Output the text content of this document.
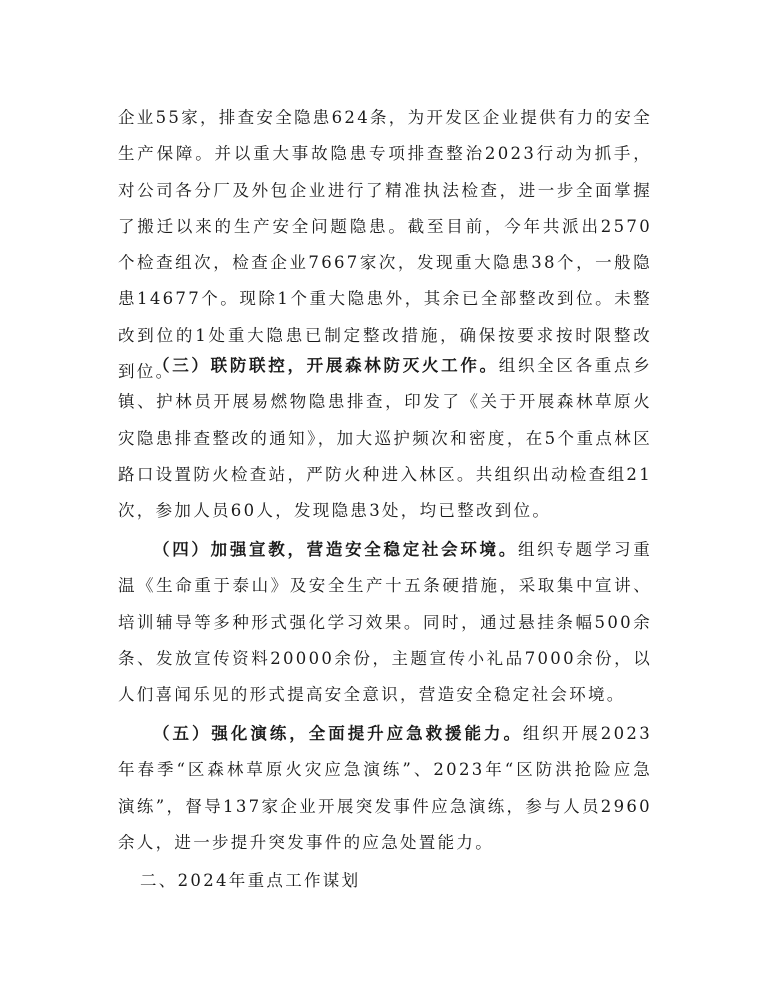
企业55家，排查安全隐患624条，为开发区企业提供有力的安全生产保障。并以重大事故隐患专项排查整治2023行动为抓手，对公司各分厂及外包企业进行了精准执法检查，进一步全面掌握了搬迁以来的生产安全问题隐患。截至目前，今年共派出2570个检查组次，检查企业7667家次，发现重大隐患38个，一般隐患14677个。现除1个重大隐患外，其余已全部整改到位。未整改到位的1处重大隐患已制定整改措施，确保按要求按时限整改到位。

（三）联防联控，开展森林防灭火工作。组织全区各重点乡镇、护林员开展易燃物隐患排查，印发了《关于开展森林草原火灾隐患排查整改的通知》，加大巡护频次和密度，在5个重点林区路口设置防火检查站，严防火种进入林区。共组织出动检查组21次，参加人员60人，发现隐患3处，均已整改到位。

（四）加强宣教，营造安全稳定社会环境。组织专题学习重温《生命重于泰山》及安全生产十五条硬措施，采取集中宣讲、培训辅导等多种形式强化学习效果。同时，通过悬挂条幅500余条、发放宣传资料20000余份，主题宣传小礼品7000余份，以人们喜闻乐见的形式提高安全意识，营造安全稳定社会环境。

（五）强化演练，全面提升应急救援能力。组织开展2023年春季“区森林草原火灾应急演练”、2023年“区防洪抢险应急演练”，督导137家企业开展突发事件应急演练，参与人员2960余人，进一步提升突发事件的应急处置能力。

二、2024年重点工作谋划
